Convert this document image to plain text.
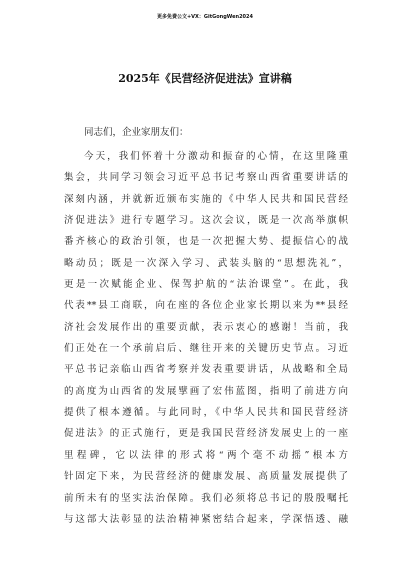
更多免费公文+VX：GitGongWen2024
2025年《民营经济促进法》宣讲稿
同志们，企业家朋友们：
今天，我们怀着十分激动和振奋的心情，在这里隆重
集会，共同学习领会习近平总书记考察山西省重要讲话的
深刻内涵，并就新近颁布实施的《中华人民共和国民营经
济促进法》进行专题学习。这次会议，既是一次高举旗帜
番齐核心的政治引领，也是一次把握大势、提振信心的战
略动员；既是一次深入学习、武装头脑的“思想洗礼”，
更是一次赋能企业、保驾护航的“法治课堂”。在此，我
代表**县工商联，向在座的各位企业家长期以来为**县经
济社会发展作出的重要贡献，表示衷心的感谢！当前，我
们正处在一个承前启后、继往开来的关键历史节点。习近
平总书记亲临山西省考察并发表重要讲话，从战略和全局
的高度为山西省的发展擘画了宏伟蓝图，指明了前进方向
提供了根本遵循。与此同时，《中华人民共和国民营经济
促进法》的正式施行，更是我国民营经济发展史上的一座
里程碑，它以法律的形式将“两个毫不动摇”根本方
针固定下来，为民营经济的健康发展、高质量发展提供了
前所未有的坚实法治保障。我们必须将总书记的殷殷嘱托
与这部大法彰显的法治精神紧密结合起来，学深悟透、融
